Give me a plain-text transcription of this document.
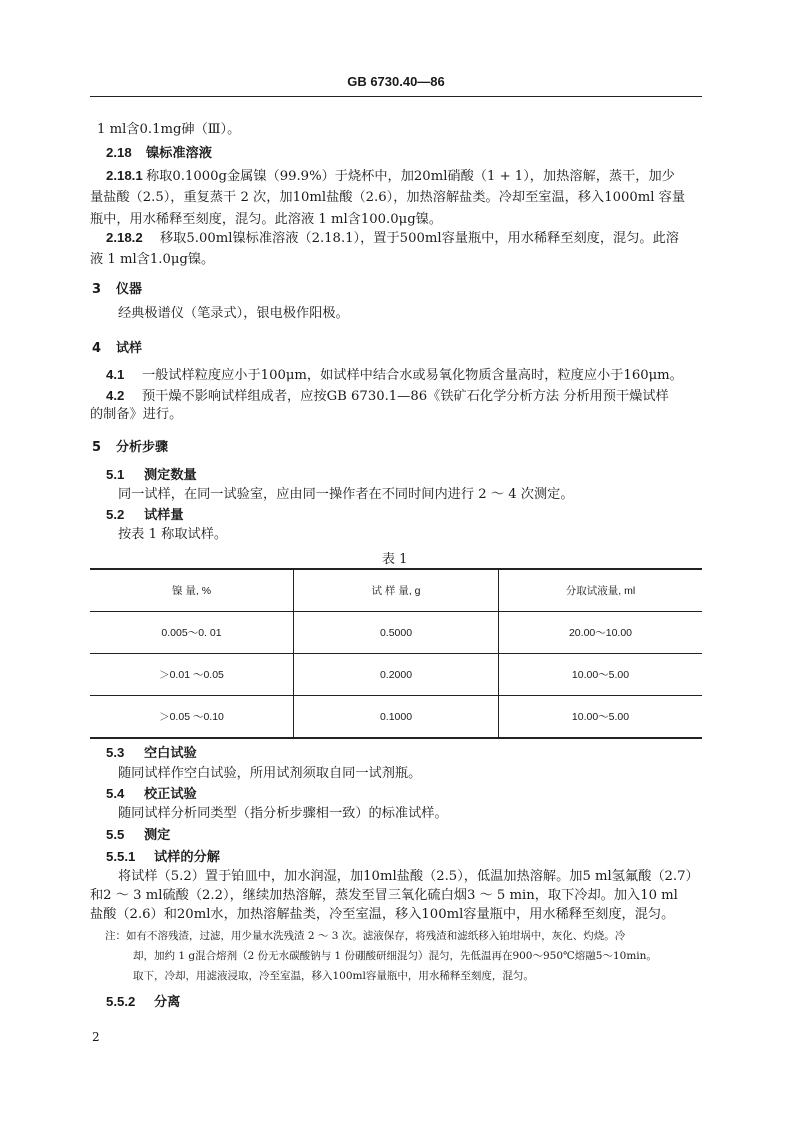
GB 6730.40—86
1 ml含0.1mg砷（Ⅲ）。
2.18 镍标准溶液
2.18.1 称取0.1000g金属镍（99.9%）于烧杯中，加20ml硝酸（1 + 1），加热溶解，蒸干，加少
量盐酸（2.5），重复蒸干 2 次，加10ml盐酸（2.6），加热溶解盐类。冷却至室温，移入1000ml 容量
瓶中，用水稀释至刻度，混匀。此溶液 1 ml含100.0μg镍。
2.18.2 移取5.00ml镍标准溶液（2.18.1），置于500ml容量瓶中，用水稀释至刻度，混匀。此溶
液 1 ml含1.0μg镍。
3 仪器
经典极谱仪（笔录式），银电极作阳极。
4 试样
4.1 一般试样粒度应小于100μm，如试样中结合水或易氧化物质含量高时，粒度应小于160μm。
4.2 预干燥不影响试样组成者，应按GB 6730.1—86《铁矿石化学分析方法 分析用预干燥试样
的制备》进行。
5 分析步骤
5.1 测定数量
同一试样，在同一试验室，应由同一操作者在不同时间内进行 2 ～ 4 次测定。
5.2 试样量
按表 1 称取试样。
表 1
镍 量, %	试 样 量, g	分取试液量, ml
0.005～0. 01	0.5000	20.00～10.00
＞0.01 ～0.05	0.2000	10.00～5.00
＞0.05 ～0.10	0.1000	10.00～5.00
5.3 空白试验
随同试样作空白试验，所用试剂须取自同一试剂瓶。
5.4 校正试验
随同试样分析同类型（指分析步骤相一致）的标准试样。
5.5 测定
5.5.1 试样的分解
将试样（5.2）置于铂皿中，加水润湿，加10ml盐酸（2.5），低温加热溶解。加5 ml氢氟酸（2.7）
和2 ～ 3 ml硫酸（2.2），继续加热溶解，蒸发至冒三氧化硫白烟3 ～ 5 min，取下冷却。加入10 ml
盐酸（2.6）和20ml水，加热溶解盐类，冷至室温，移入100ml容量瓶中，用水稀释至刻度，混匀。
注：如有不溶残渣，过滤，用少量水洗残渣 2 ～ 3 次。滤液保存，将残渣和滤纸移入铂坩埚中，灰化、灼烧。冷
却，加约 1 g混合熔剂（2 份无水碳酸钠与 1 份硼酸研细混匀）混匀，先低温再在900～950℃熔融5～10min。
取下，冷却，用滤液浸取，冷至室温，移入100ml容量瓶中，用水稀释至刻度，混匀。
5.5.2 分离
2
